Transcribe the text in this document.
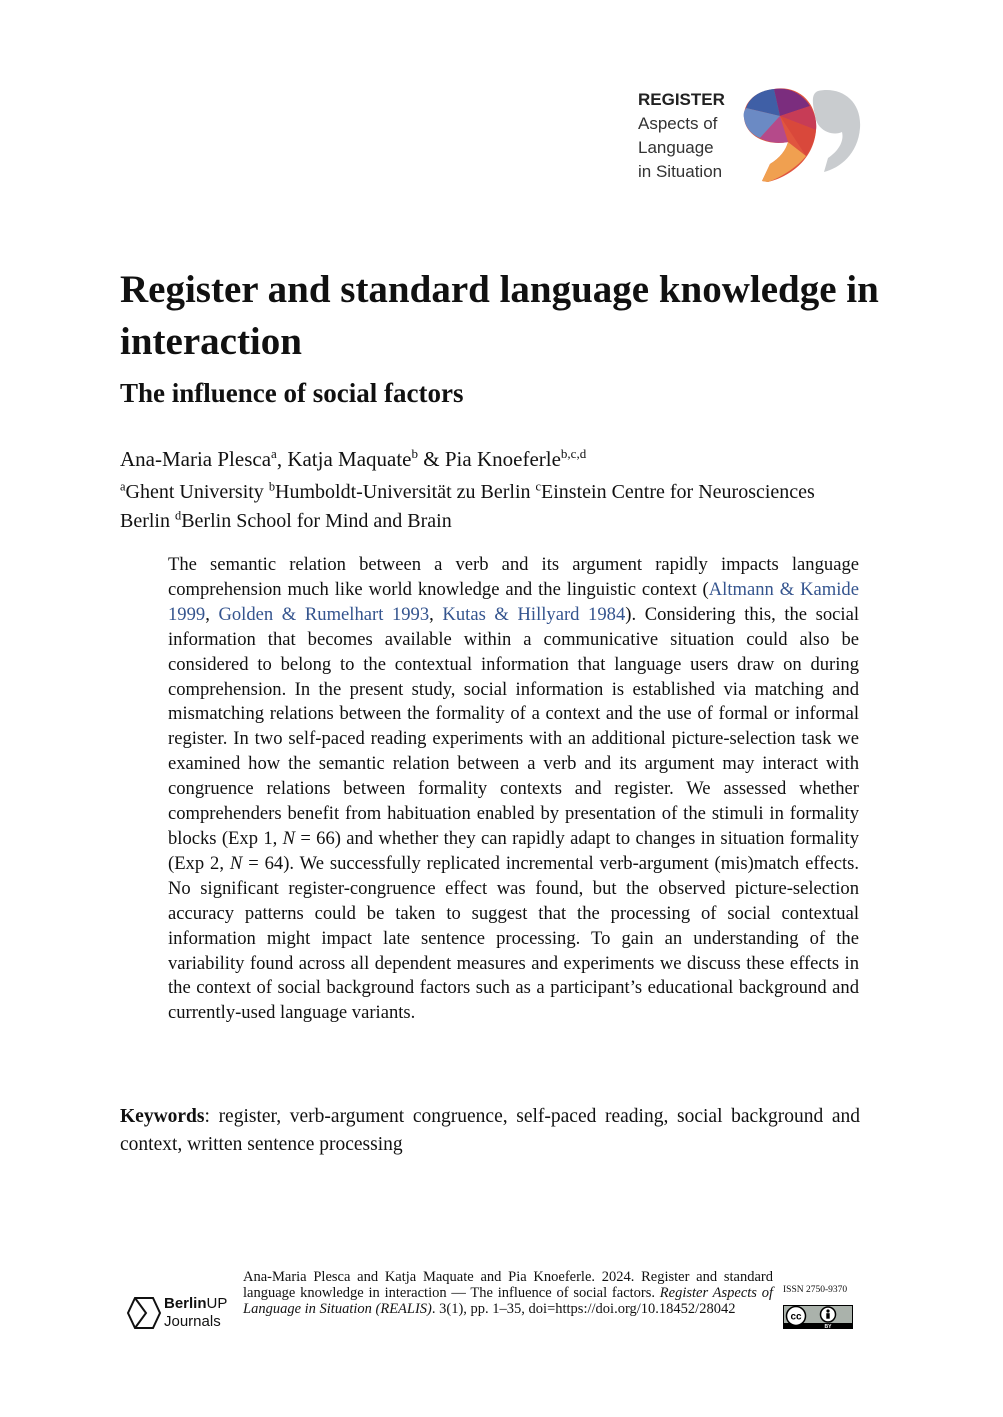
REGISTER
Aspects of
Language
in Situation
Register and standard language knowledge in interaction
The influence of social factors
Ana-Maria Plesca$^a$, Katja Maquate$^b$ & Pia Knoeferle$^{b,c,d}$
$^a$Ghent University $^b$Humboldt-Universität zu Berlin $^c$Einstein Centre for Neurosciences Berlin $^d$Berlin School for Mind and Brain

The semantic relation between a verb and its argument rapidly impacts language comprehension much like world knowledge and the linguistic context (Altmann & Kamide 1999, Golden & Rumelhart 1993, Kutas & Hillyard 1984). Considering this, the social information that becomes available within a communicative situation could also be considered to belong to the contextual information that language users draw on during comprehension. In the present study, social information is established via matching and mismatching relations between the formality of a context and the use of formal or informal register. In two self-paced reading experiments with an additional picture-selection task we examined how the semantic relation between a verb and its argument may interact with congruence relations between formality contexts and register. We assessed whether comprehenders benefit from habituation enabled by presentation of the stimuli in formality blocks (Exp 1, N = 66) and whether they can rapidly adapt to changes in situation formality (Exp 2, N = 64). We successfully replicated incremental verb-argument (mis)match effects. No significant register-congruence effect was found, but the observed picture-selection accuracy patterns could be taken to suggest that the processing of social contextual information might impact late sentence processing. To gain an understanding of the variability found across all dependent measures and experiments we discuss these effects in the context of social background factors such as a participant’s educational background and currently-used language variants.

Keywords: register, verb-argument congruence, self-paced reading, social background and context, written sentence processing

BerlinUP
Journals
Ana-Maria Plesca and Katja Maquate and Pia Knoeferle. 2024. Register and standard language knowledge in interaction — The influence of social factors. Register Aspects of Language in Situation (REALIS). 3(1), pp. 1–35, doi=https://doi.org/10.18452/28042
ISSN 2750-9370
cc
BY
